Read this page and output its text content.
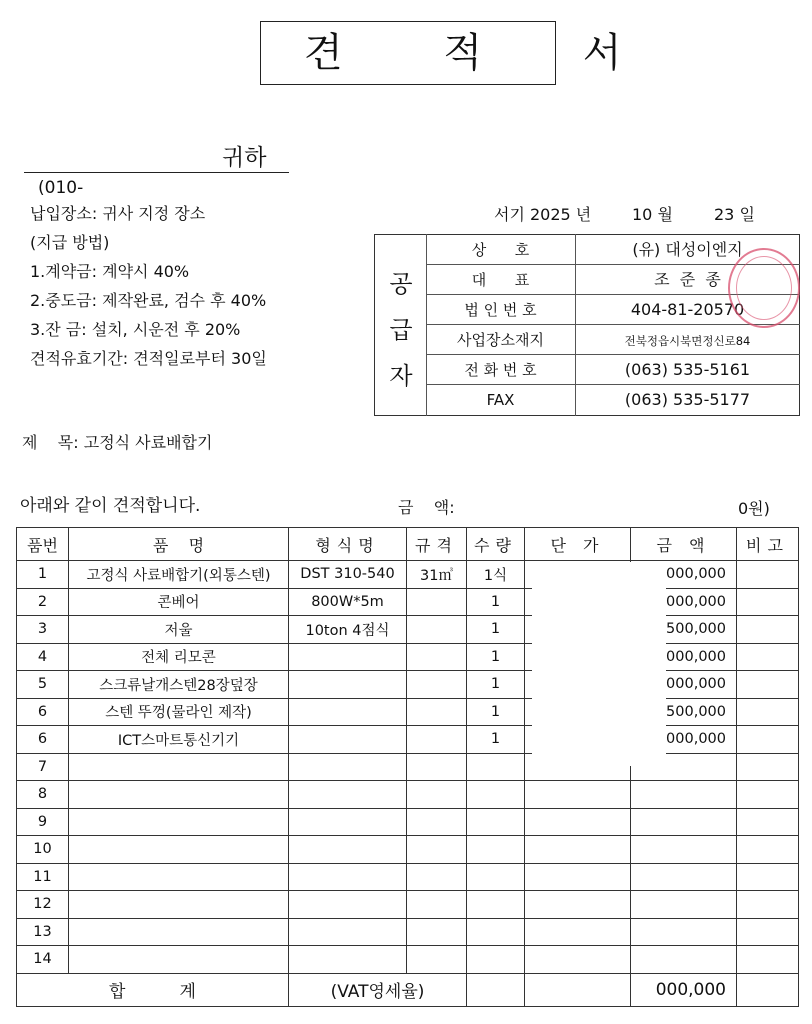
견 적 서
귀하
(010-
납입장소: 귀사 지정 장소
(지급 방법)
1.계약금: 계약시 40%
2.중도금: 제작완료, 검수 후 40%
3.잔 금: 설치, 시운전 후 20%
견적유효기간: 견적일로부터 30일
서기 2025 년	10 월	23 일
공
급
자
상      호	(유) 대성이엔지
대      표	조  준  종
법 인 번 호	404-81-20570
사업장소재지	전북정읍시북면정신로84
전 화 번 호	(063) 535-5161
FAX	(063) 535-5177
제    목: 고정식 사료배합기
아래와 같이 견적합니다.	금    액:	0원)
품번	품    명	형식명	규격	수량	단 가	금 액	비고
1	고정식 사료배합기(외통스텐)	DST 310-540	31㎥	1식		000,000	
2	콘베어	800W*5m		1		000,000	
3	저울	10ton 4점식		1		500,000	
4	전체 리모콘			1		000,000	
5	스크류날개스텐28장덮장			1		000,000	
6	스텐 뚜껑(물라인 제작)			1		500,000	
6	ICT스마트통신기기			1		000,000	
7							
8							
9							
10							
11							
12							
13							
14							
합          계		(VAT영세율)				000,000	
